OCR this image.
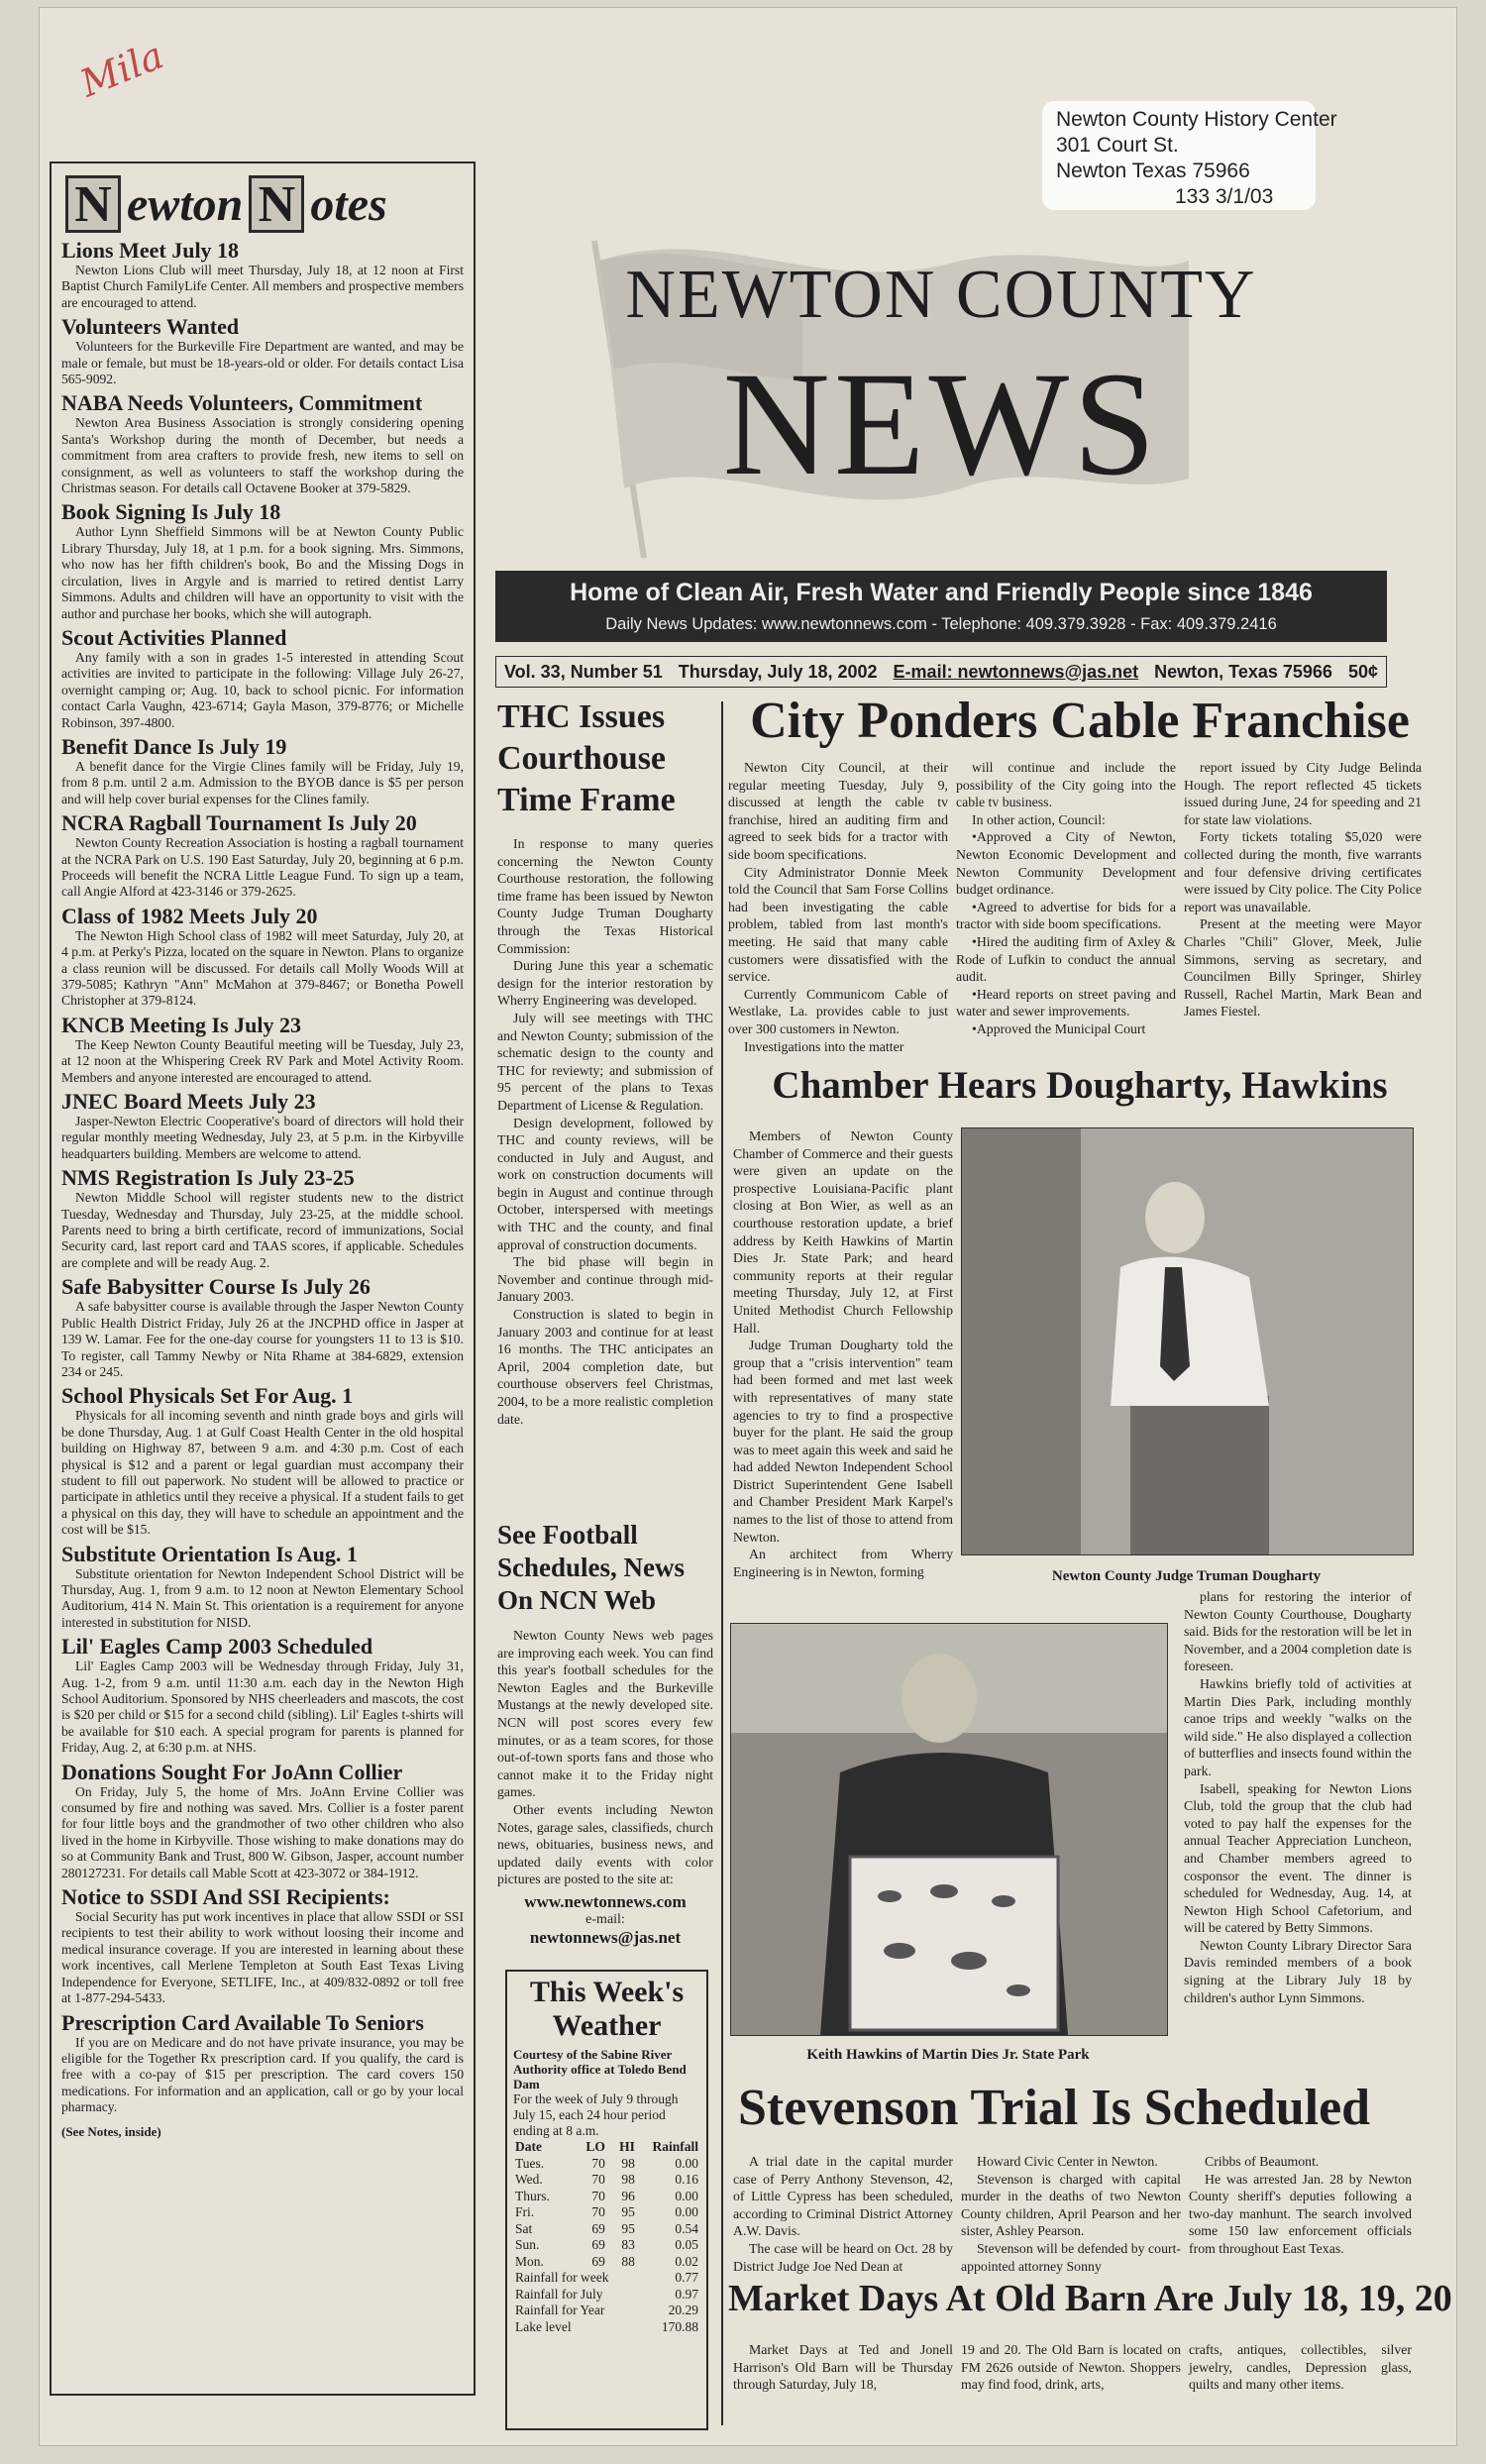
Mila
Newton County History Center
301 Court St.
Newton Texas 75966
133 3/1/03
N ewton N otes
Lions Meet July 18
Newton Lions Club will meet Thursday, July 18, at 12 noon at First Baptist Church FamilyLife Center. All members and prospective members are encouraged to attend.
Volunteers Wanted
Volunteers for the Burkeville Fire Department are wanted, and may be male or female, but must be 18-years-old or older. For details contact Lisa 565-9092.
NABA Needs Volunteers, Commitment
Newton Area Business Association is strongly considering opening Santa's Workshop during the month of December, but needs a commitment from area crafters to provide fresh, new items to sell on consignment, as well as volunteers to staff the workshop during the Christmas season. For details call Octavene Booker at 379-5829.
Book Signing Is July 18
Author Lynn Sheffield Simmons will be at Newton County Public Library Thursday, July 18, at 1 p.m. for a book signing. Mrs. Simmons, who now has her fifth children's book, Bo and the Missing Dogs in circulation, lives in Argyle and is married to retired dentist Larry Simmons. Adults and children will have an opportunity to visit with the author and purchase her books, which she will autograph.
Scout Activities Planned
Any family with a son in grades 1-5 interested in attending Scout activities are invited to participate in the following: Village July 26-27, overnight camping or; Aug. 10, back to school picnic. For information contact Carla Vaughn, 423-6714; Gayla Mason, 379-8776; or Michelle Robinson, 397-4800.
Benefit Dance Is July 19
A benefit dance for the Virgie Clines family will be Friday, July 19, from 8 p.m. until 2 a.m. Admission to the BYOB dance is $5 per person and will help cover burial expenses for the Clines family.
NCRA Ragball Tournament Is July 20
Newton County Recreation Association is hosting a ragball tournament at the NCRA Park on U.S. 190 East Saturday, July 20, beginning at 6 p.m. Proceeds will benefit the NCRA Little League Fund. To sign up a team, call Angie Alford at 423-3146 or 379-2625.
Class of 1982 Meets July 20
The Newton High School class of 1982 will meet Saturday, July 20, at 4 p.m. at Perky's Pizza, located on the square in Newton. Plans to organize a class reunion will be discussed. For details call Molly Woods Will at 379-5085; Kathryn "Ann" McMahon at 379-8467; or Bonetha Powell Christopher at 379-8124.
KNCB Meeting Is July 23
The Keep Newton County Beautiful meeting will be Tuesday, July 23, at 12 noon at the Whispering Creek RV Park and Motel Activity Room. Members and anyone interested are encouraged to attend.
JNEC Board Meets July 23
Jasper-Newton Electric Cooperative's board of directors will hold their regular monthly meeting Wednesday, July 23, at 5 p.m. in the Kirbyville headquarters building. Members are welcome to attend.
NMS Registration Is July 23-25
Newton Middle School will register students new to the district Tuesday, Wednesday and Thursday, July 23-25, at the middle school. Parents need to bring a birth certificate, record of immunizations, Social Security card, last report card and TAAS scores, if applicable. Schedules are complete and will be ready Aug. 2.
Safe Babysitter Course Is July 26
A safe babysitter course is available through the Jasper Newton County Public Health District Friday, July 26 at the JNCPHD office in Jasper at 139 W. Lamar. Fee for the one-day course for youngsters 11 to 13 is $10. To register, call Tammy Newby or Nita Rhame at 384-6829, extension 234 or 245.
School Physicals Set For Aug. 1
Physicals for all incoming seventh and ninth grade boys and girls will be done Thursday, Aug. 1 at Gulf Coast Health Center in the old hospital building on Highway 87, between 9 a.m. and 4:30 p.m. Cost of each physical is $12 and a parent or legal guardian must accompany their student to fill out paperwork. No student will be allowed to practice or participate in athletics until they receive a physical. If a student fails to get a physical on this day, they will have to schedule an appointment and the cost will be $15.
Substitute Orientation Is Aug. 1
Substitute orientation for Newton Independent School District will be Thursday, Aug. 1, from 9 a.m. to 12 noon at Newton Elementary School Auditorium, 414 N. Main St. This orientation is a requirement for anyone interested in substitution for NISD.
Lil' Eagles Camp 2003 Scheduled
Lil' Eagles Camp 2003 will be Wednesday through Friday, July 31, Aug. 1-2, from 9 a.m. until 11:30 a.m. each day in the Newton High School Auditorium. Sponsored by NHS cheerleaders and mascots, the cost is $20 per child or $15 for a second child (sibling). Lil' Eagles t-shirts will be available for $10 each. A special program for parents is planned for Friday, Aug. 2, at 6:30 p.m. at NHS.
Donations Sought For JoAnn Collier
On Friday, July 5, the home of Mrs. JoAnn Ervine Collier was consumed by fire and nothing was saved. Mrs. Collier is a foster parent for four little boys and the grandmother of two other children who also lived in the home in Kirbyville. Those wishing to make donations may do so at Community Bank and Trust, 800 W. Gibson, Jasper, account number 280127231. For details call Mable Scott at 423-3072 or 384-1912.
Notice to SSDI And SSI Recipients:
Social Security has put work incentives in place that allow SSDI or SSI recipients to test their ability to work without loosing their income and medical insurance coverage. If you are interested in learning about these work incentives, call Merlene Templeton at South East Texas Living Independence for Everyone, SETLIFE, Inc., at 409/832-0892 or toll free at 1-877-294-5433.
Prescription Card Available To Seniors
If you are on Medicare and do not have private insurance, you may be eligible for the Together Rx prescription card. If you qualify, the card is free with a co-pay of $15 per prescription. The card covers 150 medications. For information and an application, call or go by your local pharmacy.
(See Notes, inside)
NEWTON COUNTY
NEWS
Home of Clean Air, Fresh Water and Friendly People since 1846
Daily News Updates: www.newtonnews.com - Telephone: 409.379.3928 - Fax: 409.379.2416
Vol. 33, Number 51 Thursday, July 18, 2002 E-mail: newtonnews@jas.net Newton, Texas 75966 50¢
THC Issues Courthouse Time Frame

In response to many queries concerning the Newton County Courthouse restoration, the following time frame has been issued by Newton County Judge Truman Dougharty through the Texas Historical Commission:

During June this year a schematic design for the interior restoration by Wherry Engineering was developed.

July will see meetings with THC and Newton County; submission of the schematic design to the county and THC for reviewty; and submission of 95 percent of the plans to Texas Department of License & Regulation.

Design development, followed by THC and county reviews, will be conducted in July and August, and work on construction documents will begin in August and continue through October, interspersed with meetings with THC and the county, and final approval of construction documents.

The bid phase will begin in November and continue through mid-January 2003.

Construction is slated to begin in January 2003 and continue for at least 16 months. The THC anticipates an April, 2004 completion date, but courthouse observers feel Christmas, 2004, to be a more realistic completion date.

See Football Schedules, News On NCN Web

Newton County News web pages are improving each week. You can find this year's football schedules for the Newton Eagles and the Burkeville Mustangs at the newly developed site. NCN will post scores every few minutes, or as a team scores, for those out-of-town sports fans and those who cannot make it to the Friday night games.

Other events including Newton Notes, garage sales, classifieds, church news, obituaries, business news, and updated daily events with color pictures are posted to the site at:

www.newtonnews.com
e-mail:
newtonnews@jas.net
This Week's Weather
Courtesy of the Sabine River Authority office at Toledo Bend Dam
For the week of July 9 through July 15, each 24 hour period ending at 8 a.m.
Date	LO	HI	Rainfall
Tues.	70	98	0.00
Wed.	70	98	0.16
Thurs.	70	96	0.00
Fri.	70	95	0.00
Sat	69	95	0.54
Sun.	69	83	0.05
Mon.	69	88	0.02
Rainfall for week			0.77
Rainfall for July			0.97
Rainfall for Year			20.29
Lake level			170.88
City Ponders Cable Franchise

Newton City Council, at their regular meeting Tuesday, July 9, discussed at length the cable tv franchise, hired an auditing firm and agreed to seek bids for a tractor with side boom specifications.

City Administrator Donnie Meek told the Council that Sam Forse Collins had been investigating the cable problem, tabled from last month's meeting. He said that many cable customers were dissatisfied with the service.

Currently Communicom Cable of Westlake, La. provides cable to just over 300 customers in Newton.

Investigations into the matter

will continue and include the possibility of the City going into the cable tv business.

In other action, Council:

•Approved a City of Newton, Newton Economic Development and Newton Community Development budget ordinance.

•Agreed to advertise for bids for a tractor with side boom specifications.

•Hired the auditing firm of Axley & Rode of Lufkin to conduct the annual audit.

•Heard reports on street paving and water and sewer improvements.

•Approved the Municipal Court

report issued by City Judge Belinda Hough. The report reflected 45 tickets issued during June, 24 for speeding and 21 for state law violations.

Forty tickets totaling $5,020 were collected during the month, five warrants and four defensive driving certificates were issued by City police. The City Police report was unavailable.

Present at the meeting were Mayor Charles "Chili" Glover, Meek, Julie Simmons, serving as secretary, and Councilmen Billy Springer, Shirley Russell, Rachel Martin, Mark Bean and James Fiestel.

Chamber Hears Dougharty, Hawkins

Members of Newton County Chamber of Commerce and their guests were given an update on the prospective Louisiana-Pacific plant closing at Bon Wier, as well as an courthouse restoration update, a brief address by Keith Hawkins of Martin Dies Jr. State Park; and heard community reports at their regular meeting Thursday, July 12, at First United Methodist Church Fellowship Hall.

Judge Truman Dougharty told the group that a "crisis intervention" team had been formed and met last week with representatives of many state agencies to try to find a prospective buyer for the plant. He said the group was to meet again this week and said he had added Newton Independent School District Superintendent Gene Isabell and Chamber President Mark Karpel's names to the list of those to attend from Newton.

An architect from Wherry Engineering is in Newton, forming	Newton County Judge Truman Dougharty
Keith Hawkins of Martin Dies Jr. State Park

plans for restoring the interior of Newton County Courthouse, Dougharty said. Bids for the restoration will be let in November, and a 2004 completion date is foreseen.

Hawkins briefly told of activities at Martin Dies Park, including monthly canoe trips and weekly "walks on the wild side." He also displayed a collection of butterflies and insects found within the park.

Isabell, speaking for Newton Lions Club, told the group that the club had voted to pay half the expenses for the annual Teacher Appreciation Luncheon, and Chamber members agreed to cosponsor the event. The dinner is scheduled for Wednesday, Aug. 14, at Newton High School Cafetorium, and will be catered by Betty Simmons.

Newton County Library Director Sara Davis reminded members of a book signing at the Library July 18 by children's author Lynn Simmons.

Stevenson Trial Is Scheduled

A trial date in the capital murder case of Perry Anthony Stevenson, 42, of Little Cypress has been scheduled, according to Criminal District Attorney A.W. Davis.

The case will be heard on Oct. 28 by District Judge Joe Ned Dean at

Howard Civic Center in Newton.

Stevenson is charged with capital murder in the deaths of two Newton County children, April Pearson and her sister, Ashley Pearson.

Stevenson will be defended by court-appointed attorney Sonny

Cribbs of Beaumont.

He was arrested Jan. 28 by Newton County sheriff's deputies following a two-day manhunt. The search involved some 150 law enforcement officials from throughout East Texas.

Market Days At Old Barn Are July 18, 19, 20

Market Days at Ted and Jonell Harrison's Old Barn will be Thursday through Saturday, July 18,

19 and 20. The Old Barn is located on FM 2626 outside of Newton. Shoppers may find food, drink, arts,

crafts, antiques, collectibles, silver jewelry, candles, Depression glass, quilts and many other items.
